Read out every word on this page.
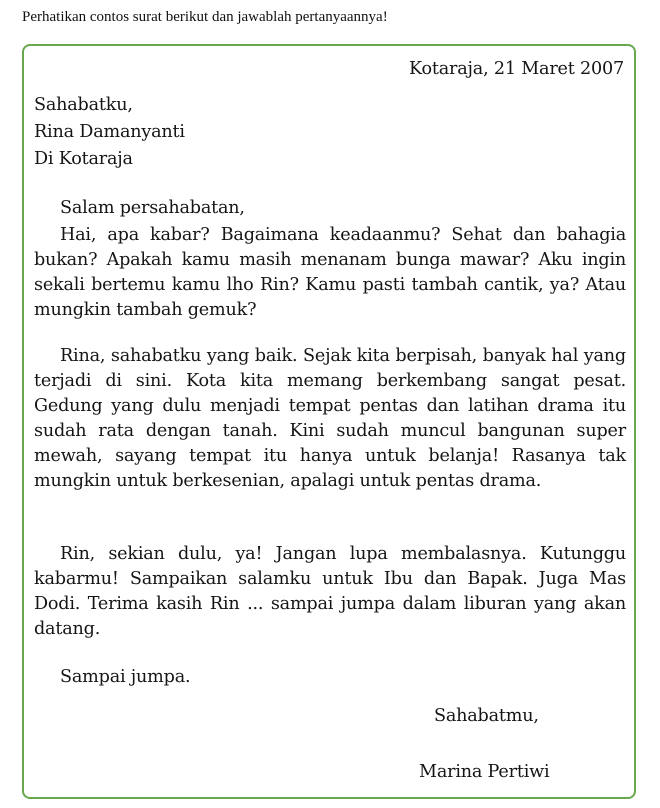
Perhatikan contos surat berikut dan jawablah pertanyaannya!
Kotaraja, 21 Maret 2007
Sahabatku,
Rina Damanyanti
Di Kotaraja
Salam persahabatan,
Hai, apa kabar? Bagaimana keadaanmu? Sehat dan bahagia bukan? Apakah kamu masih menanam bunga mawar? Aku ingin sekali bertemu kamu lho Rin? Kamu pasti tambah cantik, ya? Atau mungkin tambah gemuk?
Rina, sahabatku yang baik. Sejak kita berpisah, banyak hal yang terjadi di sini. Kota kita memang berkembang sangat pesat. Gedung yang dulu menjadi tempat pentas dan latihan drama itu sudah rata dengan tanah. Kini sudah muncul bangunan super mewah, sayang tempat itu hanya untuk belanja! Rasanya tak mungkin untuk berkesenian, apalagi untuk pentas drama.
Rin, sekian dulu, ya! Jangan lupa membalasnya. Kutunggu kabarmu! Sampaikan salamku untuk Ibu dan Bapak. Juga Mas Dodi. Terima kasih Rin ... sampai jumpa dalam liburan yang akan datang.
Sampai jumpa.
Sahabatmu,
Marina Pertiwi
